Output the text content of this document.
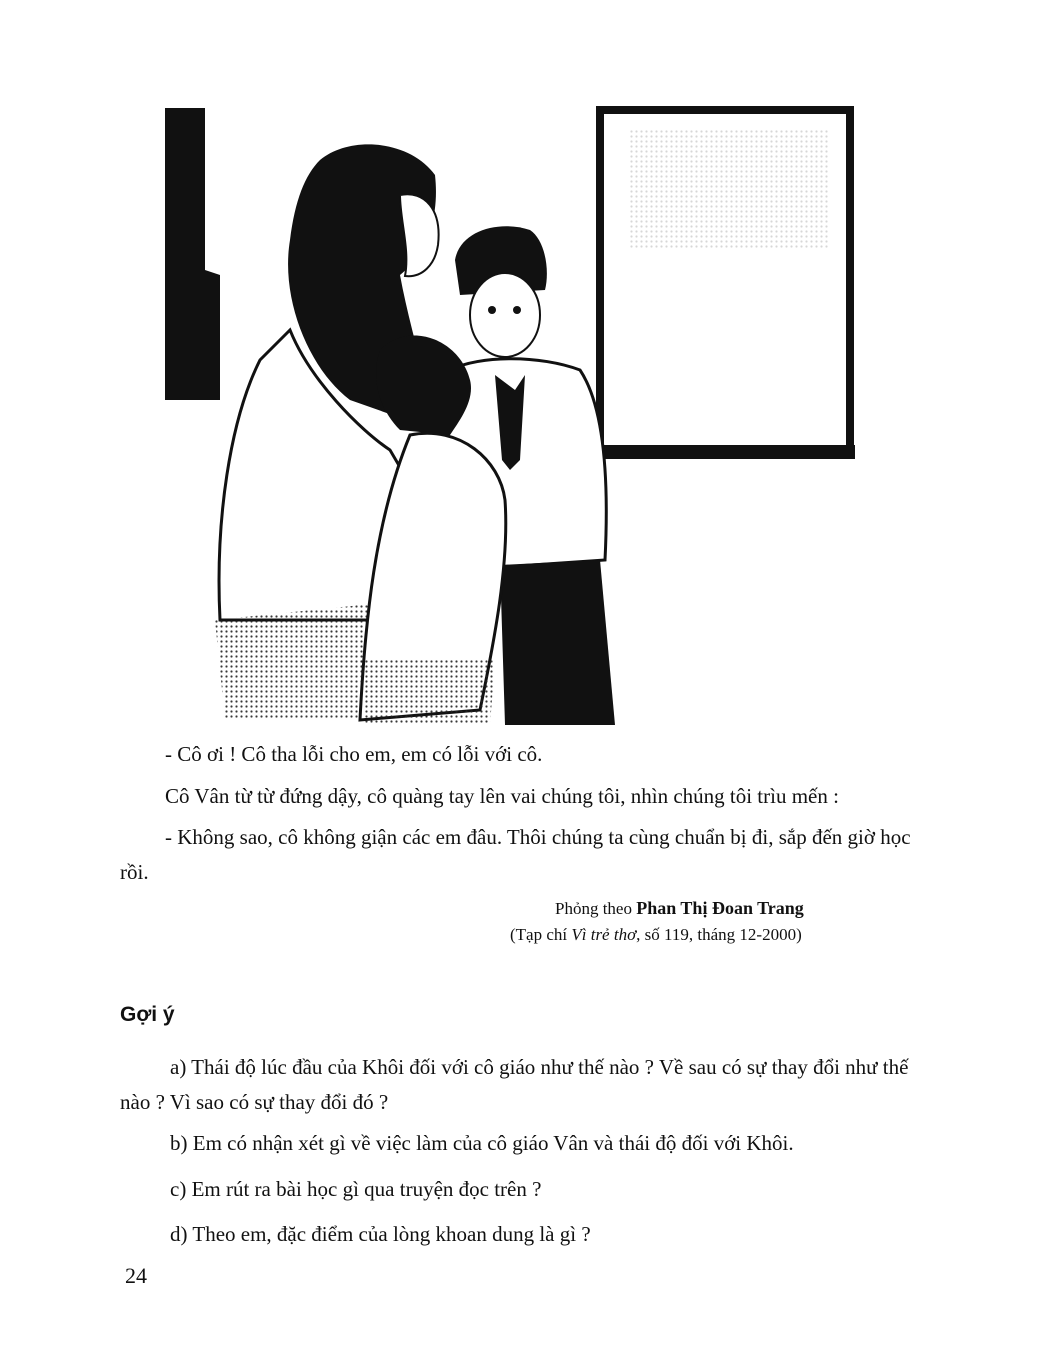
- Cô ơi ! Cô tha lỗi cho em, em có lỗi với cô.

Cô Vân từ từ đứng dậy, cô quàng tay lên vai chúng tôi, nhìn chúng tôi trìu mến :

- Không sao, cô không giận các em đâu. Thôi chúng ta cùng chuẩn bị đi, sắp đến giờ học rồi.

Phỏng theo Phan Thị Đoan Trang
(Tạp chí Vì trẻ thơ, số 119, tháng 12-2000)
Gợi ý

a) Thái độ lúc đầu của Khôi đối với cô giáo như thế nào ? Về sau có sự thay đổi như thế nào ? Vì sao có sự thay đổi đó ?

b) Em có nhận xét gì về việc làm của cô giáo Vân và thái độ đối với Khôi.

c) Em rút ra bài học gì qua truyện đọc trên ?

d) Theo em, đặc điểm của lòng khoan dung là gì ?

24
